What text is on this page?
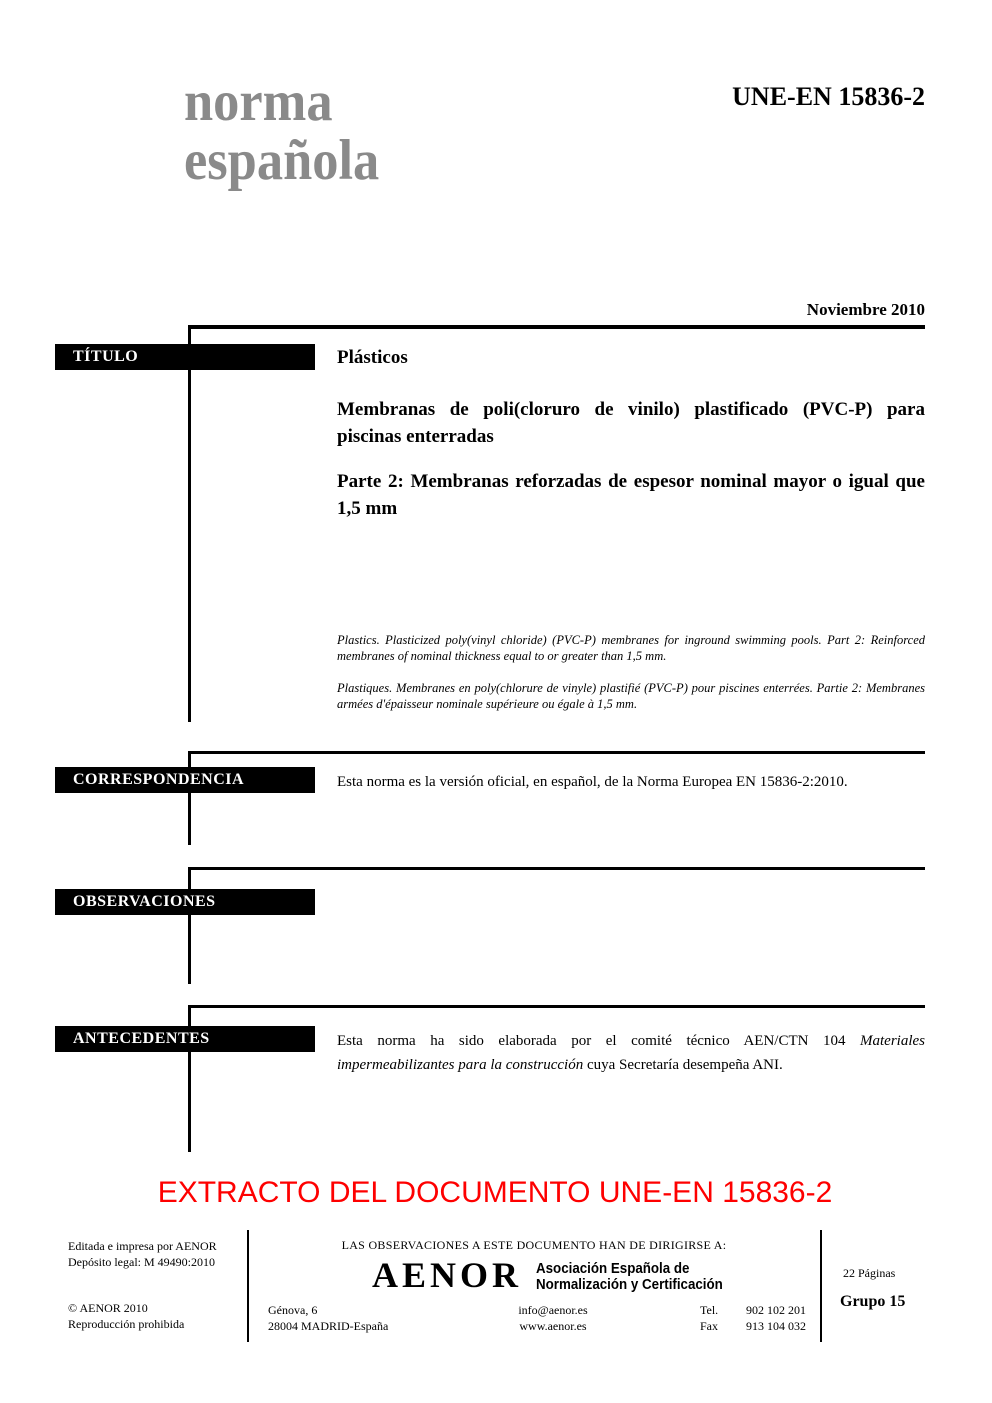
norma
española
UNE-EN 15836-2
Noviembre 2010
TÍTULO	Plásticos
Membranas de poli(cloruro de vinilo) plastificado (PVC-P) para piscinas enterradas
Parte 2: Membranas reforzadas de espesor nominal mayor o igual que 1,5 mm
Plastics. Plasticized poly(vinyl chloride) (PVC-P) membranes for inground swimming pools. Part 2: Reinforced membranes of nominal thickness equal to or greater than 1,5 mm.
Plastiques. Membranes en poly(chlorure de vinyle) plastifié (PVC-P) pour piscines enterrées. Partie 2: Membranes armées d'épaisseur nominale supérieure ou égale à 1,5 mm.
CORRESPONDENCIA	Esta norma es la versión oficial, en español, de la Norma Europea EN 15836-2:2010.
OBSERVACIONES
ANTECEDENTES	Esta norma ha sido elaborada por el comité técnico AEN/CTN 104 Materiales impermeabilizantes para la construcción cuya Secretaría desempeña ANI.
EXTRACTO DEL DOCUMENTO UNE-EN 15836-2
Editada e impresa por AENOR
Depósito legal: M 49490:2010
© AENOR 2010
Reproducción prohibida
LAS OBSERVACIONES A ESTE DOCUMENTO HAN DE DIRIGIRSE A:
AENOR Asociación Española de
Normalización y Certificación
Génova, 6
28004 MADRID-España
info@aenor.es
www.aenor.es
Tel. 902 102 201
Fax 913 104 032
22 Páginas
Grupo 15
